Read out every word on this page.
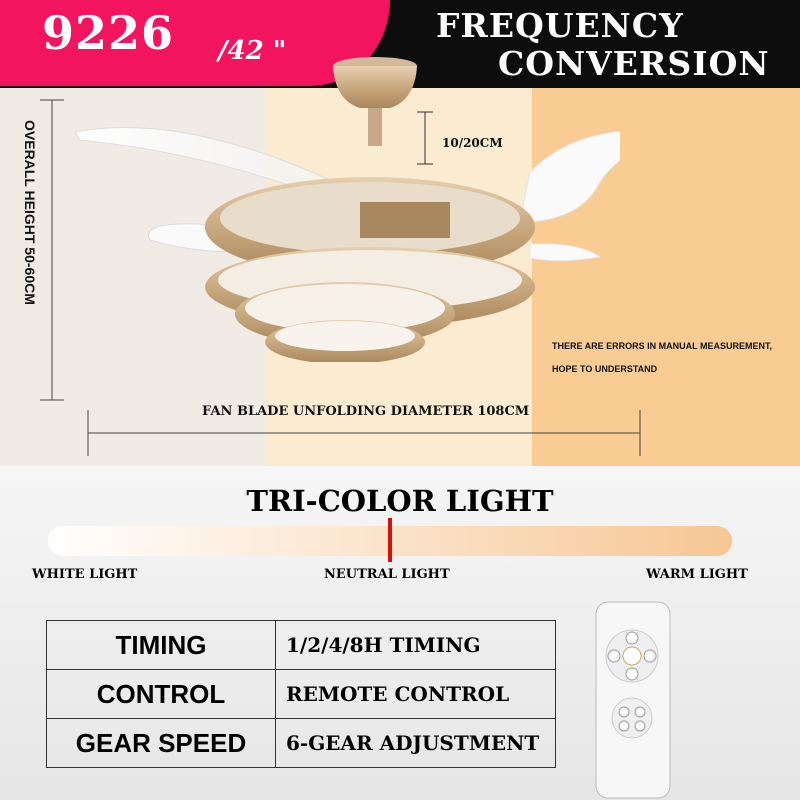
9226 /42 "
FREQUENCY
CONVERSION
OVERALL HEIGHT 50-60CM	10/20CM
FAN BLADE UNFOLDING DIAMETER 108CM
THERE ARE ERRORS IN MANUAL MEASUREMENT,
HOPE TO UNDERSTAND
TRI-COLOR LIGHT
WHITE LIGHT	NEUTRAL LIGHT	WARM LIGHT
TIMING	1/2/4/8H TIMING
CONTROL	REMOTE CONTROL
GEAR SPEED	6-GEAR ADJUSTMENT
